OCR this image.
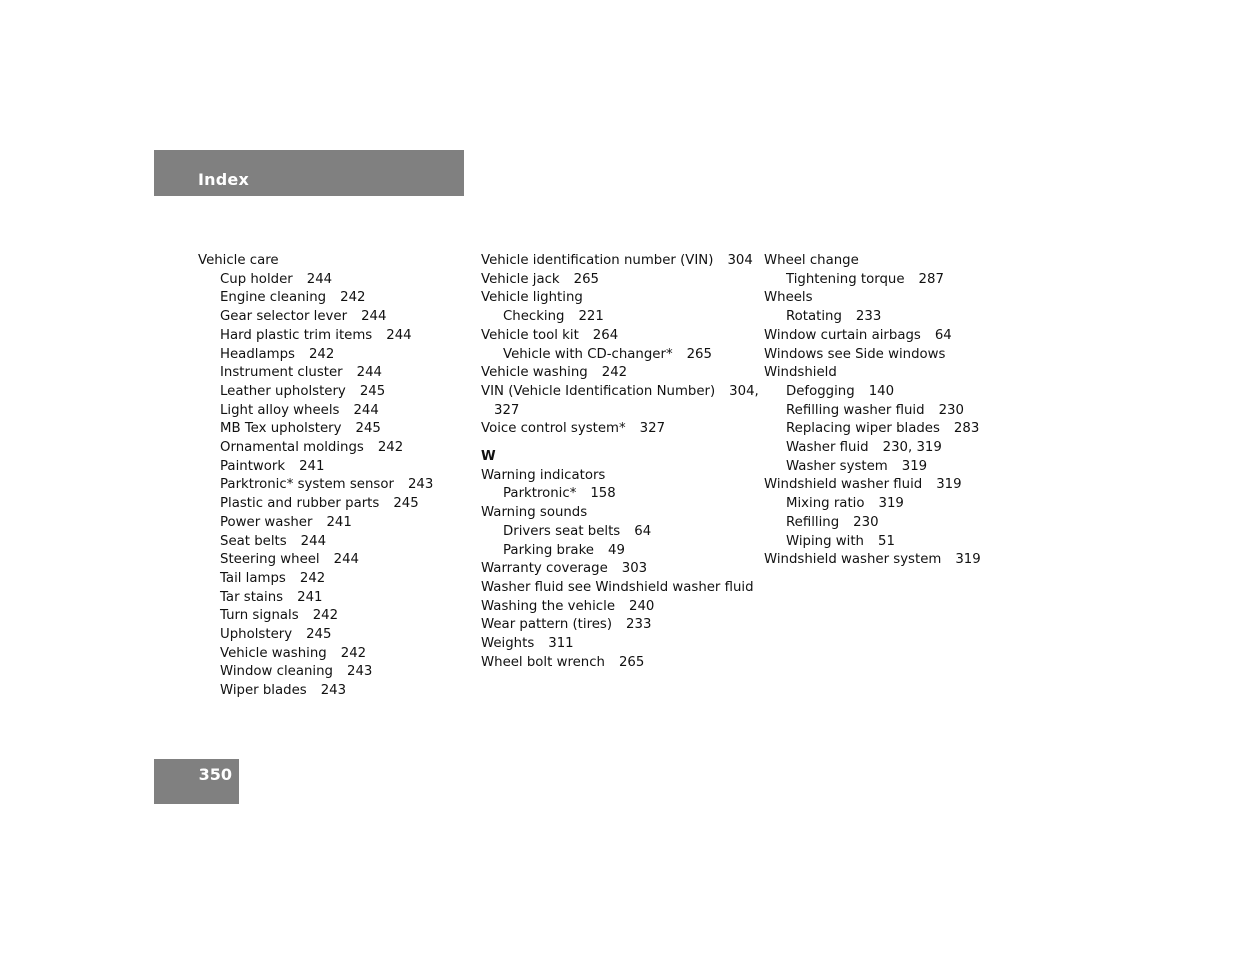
Index
Vehicle care
Cup holder 244
Engine cleaning 242
Gear selector lever 244
Hard plastic trim items 244
Headlamps 242
Instrument cluster 244
Leather upholstery 245
Light alloy wheels 244
MB Tex upholstery 245
Ornamental moldings 242
Paintwork 241
Parktronic* system sensor 243
Plastic and rubber parts 245
Power washer 241
Seat belts 244
Steering wheel 244
Tail lamps 242
Tar stains 241
Turn signals 242
Upholstery 245
Vehicle washing 242
Window cleaning 243
Wiper blades 243
Vehicle identification number (VIN) 304
Vehicle jack 265
Vehicle lighting
Checking 221
Vehicle tool kit 264
Vehicle with CD-changer* 265
Vehicle washing 242
VIN (Vehicle Identification Number) 304,
327
Voice control system* 327
W
Warning indicators
Parktronic* 158
Warning sounds
Drivers seat belts 64
Parking brake 49
Warranty coverage 303
Washer fluid see Windshield washer fluid
Washing the vehicle 240
Wear pattern (tires) 233
Weights 311
Wheel bolt wrench 265
Wheel change
Tightening torque 287
Wheels
Rotating 233
Window curtain airbags 64
Windows see Side windows
Windshield
Defogging 140
Refilling washer fluid 230
Replacing wiper blades 283
Washer fluid 230, 319
Washer system 319
Windshield washer fluid 319
Mixing ratio 319
Refilling 230
Wiping with 51
Windshield washer system 319
350
